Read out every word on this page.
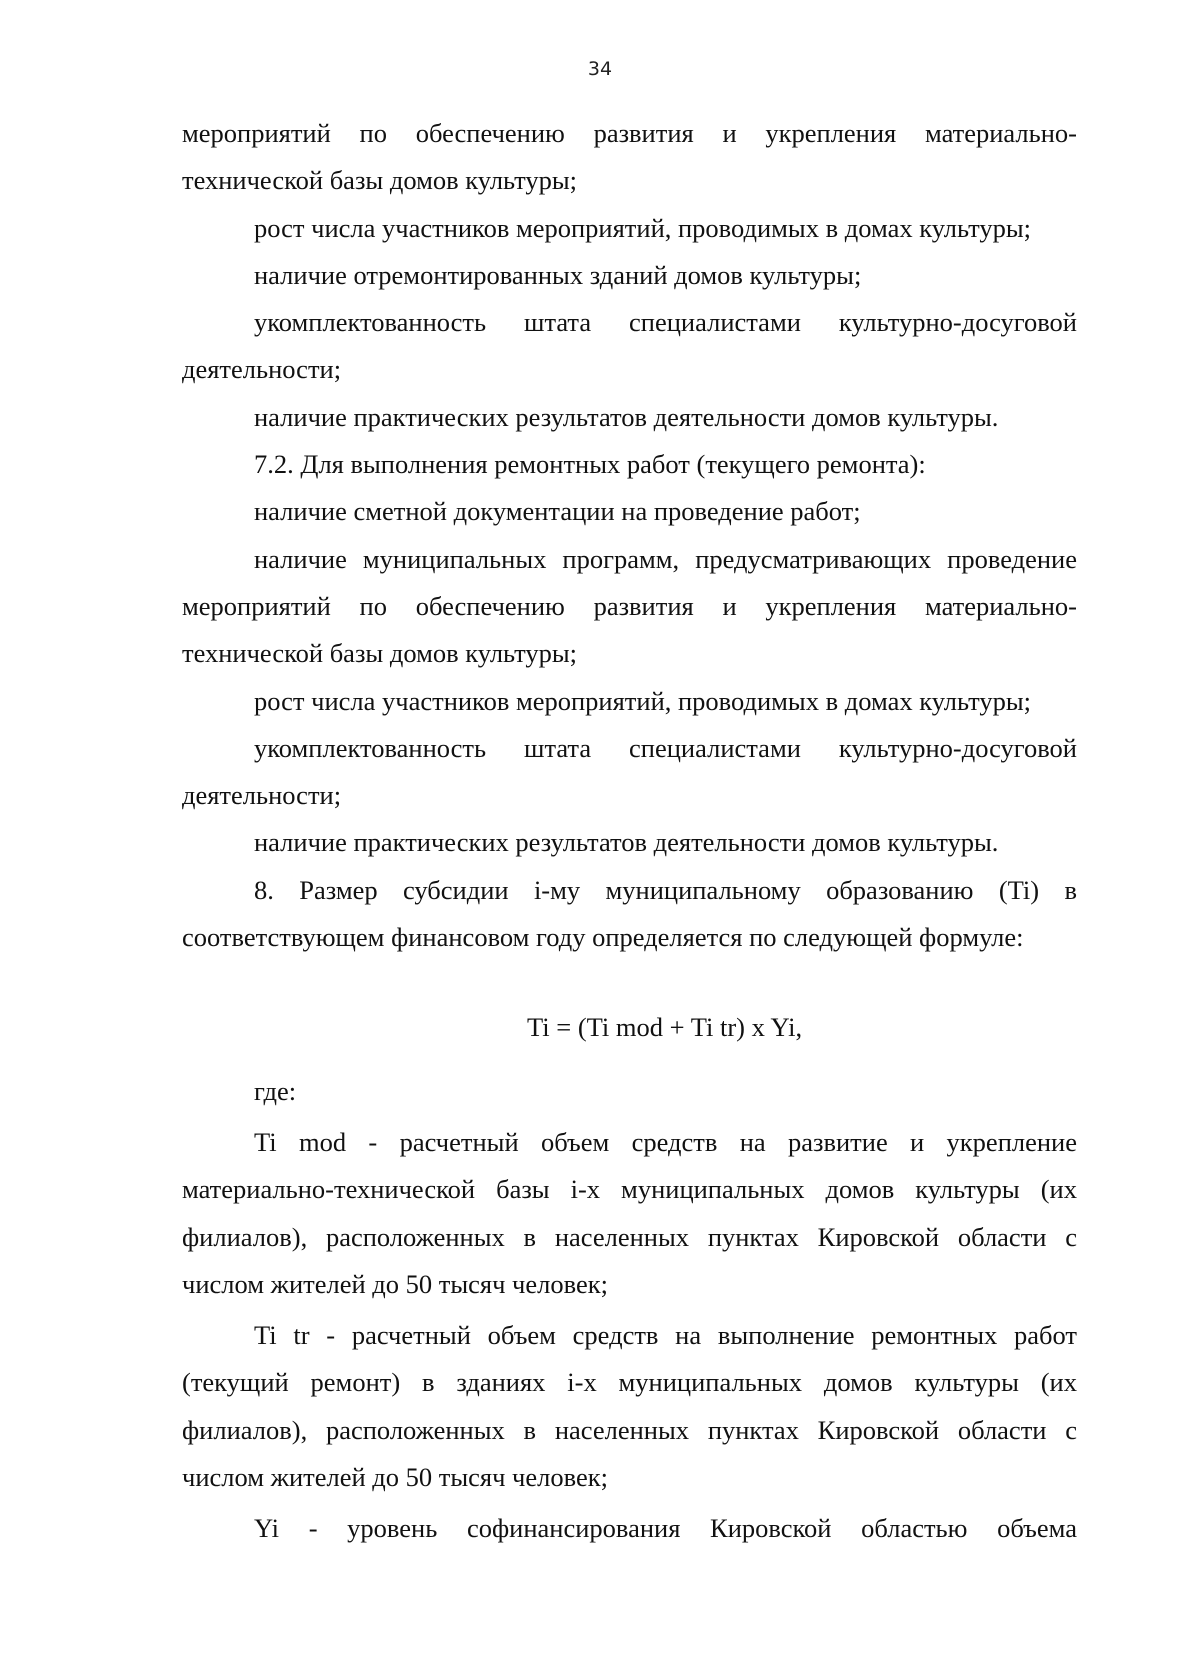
34

мероприятий по обеспечению развития и укрепления материально-технической базы домов культуры;

рост числа участников мероприятий, проводимых в домах культуры;

наличие отремонтированных зданий домов культуры;

укомплектованность штата специалистами культурно-досуговой деятельности;

наличие практических результатов деятельности домов культуры.

7.2. Для выполнения ремонтных работ (текущего ремонта):

наличие сметной документации на проведение работ;

наличие муниципальных программ, предусматривающих проведение мероприятий по обеспечению развития и укрепления материально-технической базы домов культуры;

рост числа участников мероприятий, проводимых в домах культуры;

укомплектованность штата специалистами культурно-досуговой деятельности;

наличие практических результатов деятельности домов культуры.

8. Размер субсидии i-му муниципальному образованию (Ti) в соответствующем финансовом году определяется по следующей формуле:

Ti = (Ti mod + Ti tr) x Yi,

где:

Ti mod - расчетный объем средств на развитие и укрепление материально-технической базы i-х муниципальных домов культуры (их филиалов), расположенных в населенных пунктах Кировской области с числом жителей до 50 тысяч человек;

Ti tr - расчетный объем средств на выполнение ремонтных работ (текущий ремонт) в зданиях i-х муниципальных домов культуры (их филиалов), расположенных в населенных пунктах Кировской области с числом жителей до 50 тысяч человек;

Yi - уровень софинансирования Кировской областью объема
